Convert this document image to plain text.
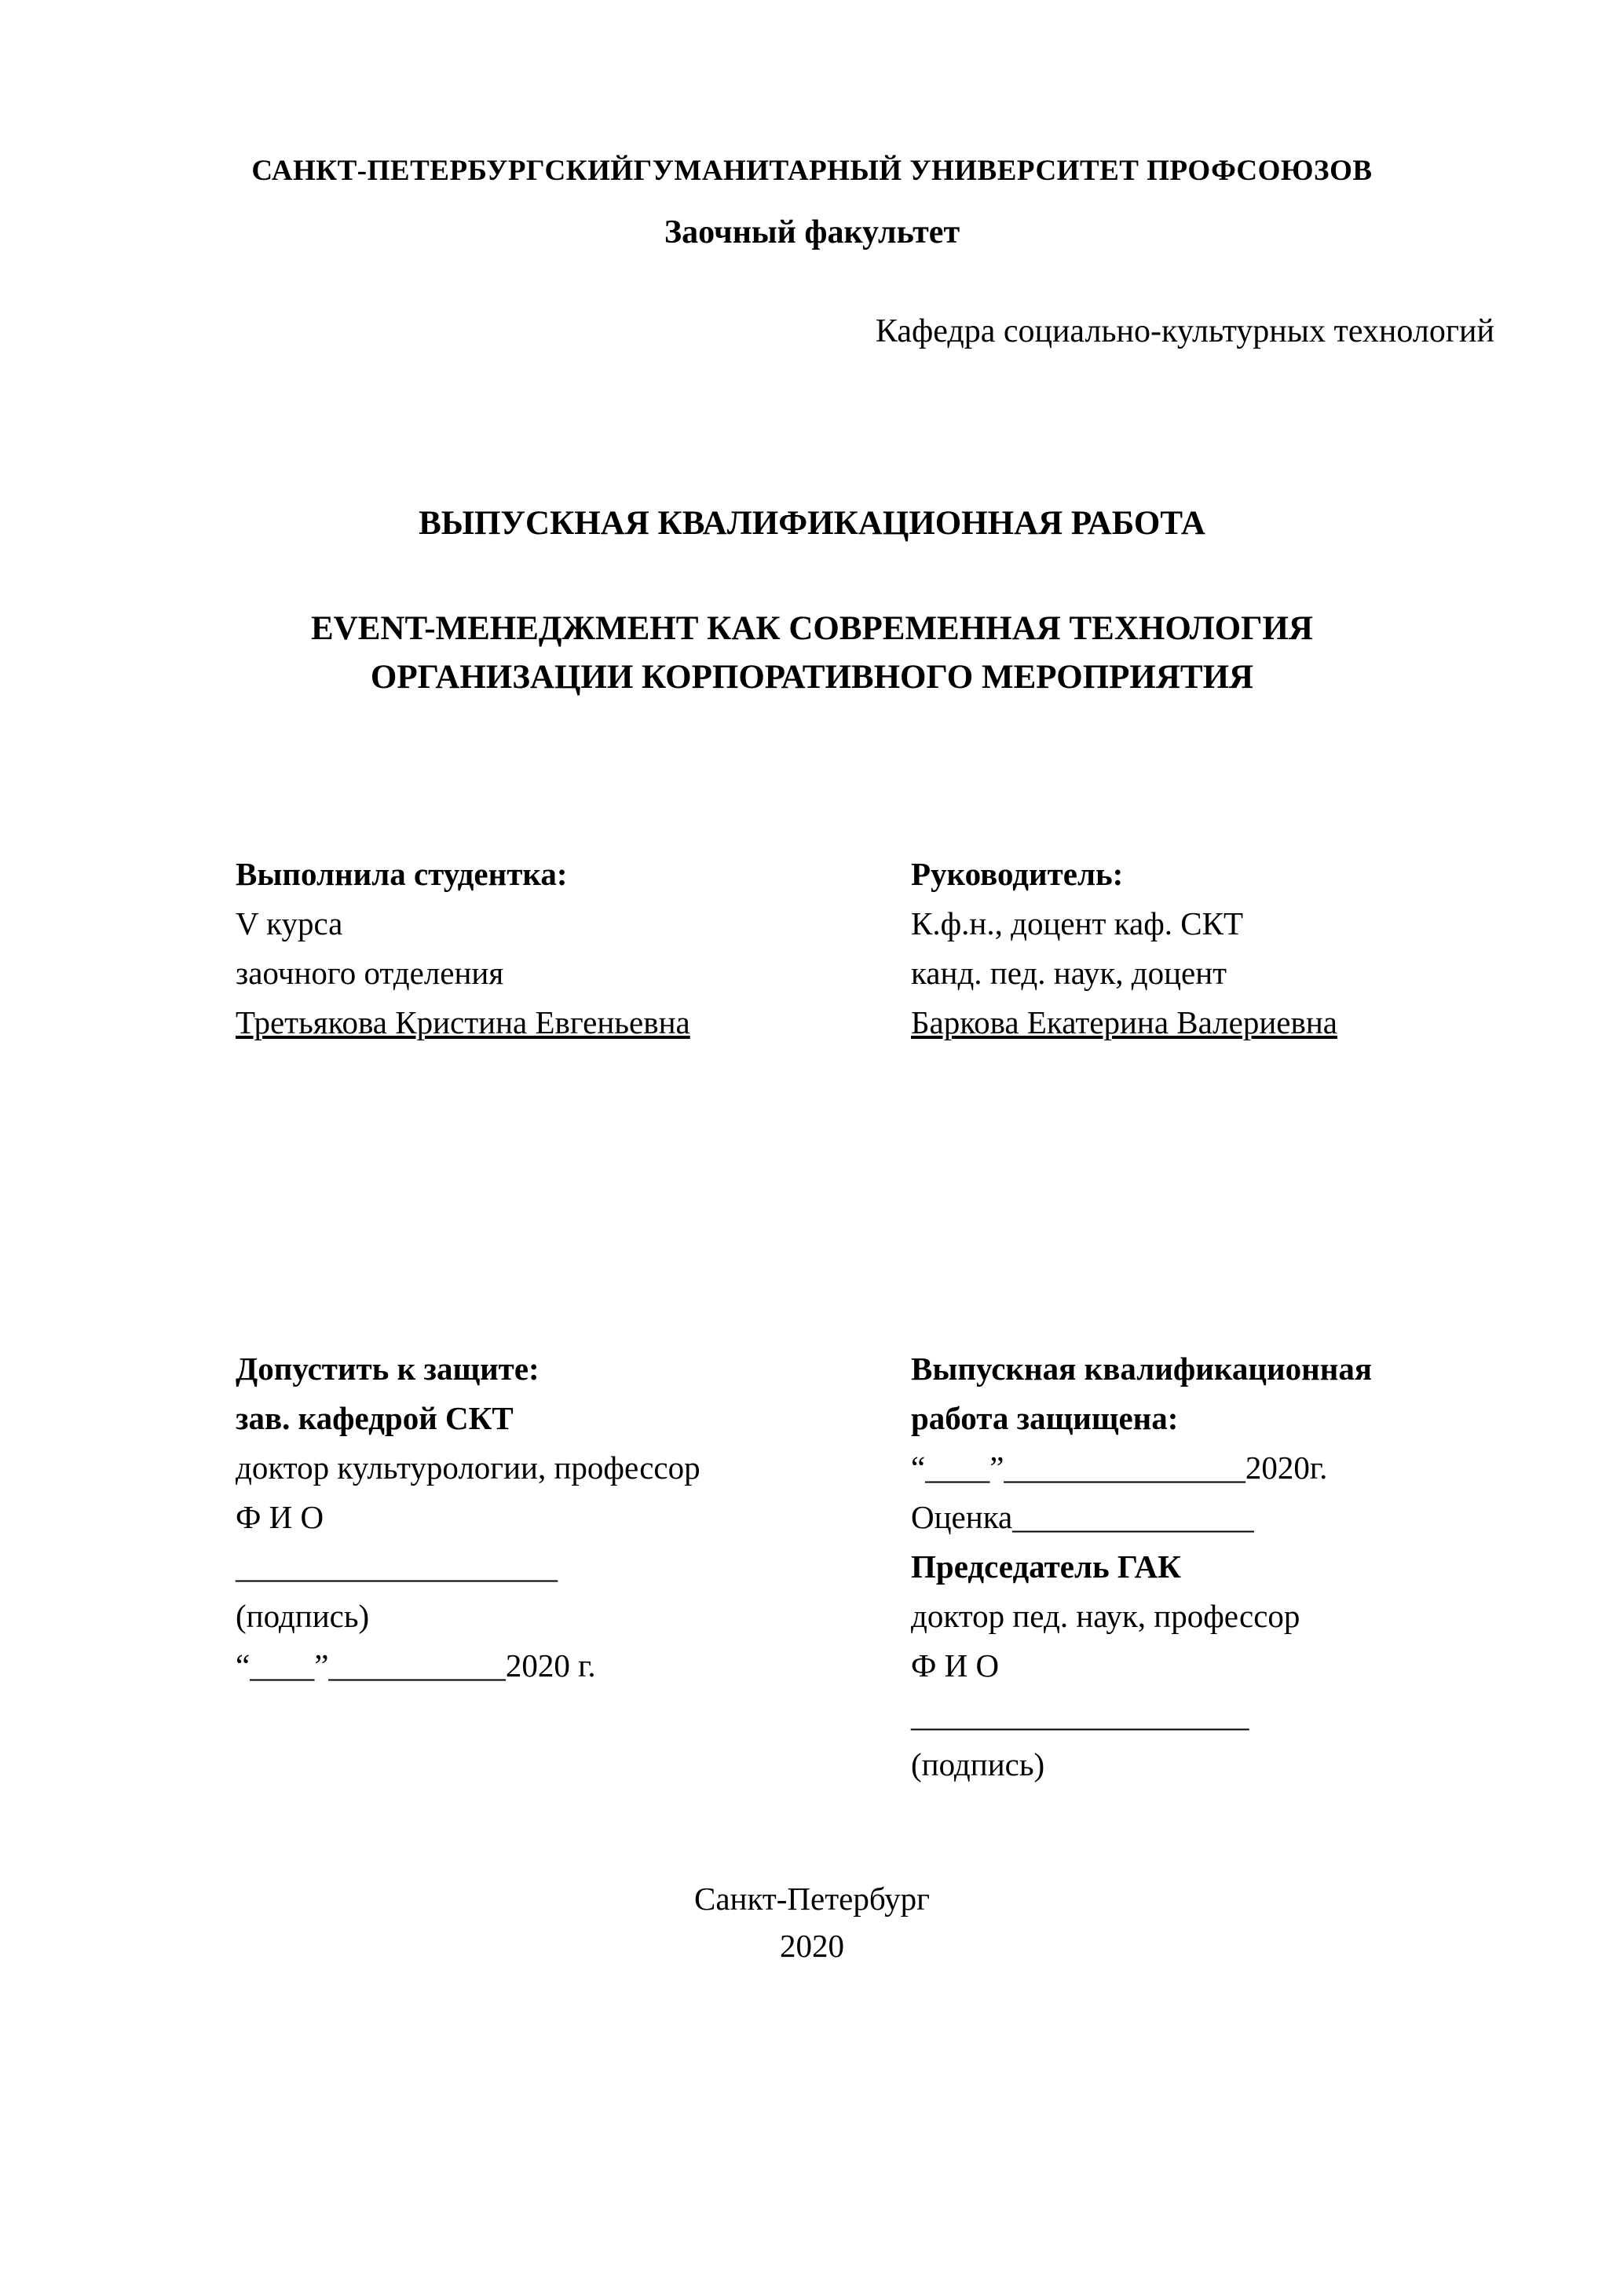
САНКТ-ПЕТЕРБУРГСКИЙГУМАНИТАРНЫЙ УНИВЕРСИТЕТ ПРОФСОЮЗОВ
Заочный факультет
Кафедра социально-культурных технологий
ВЫПУСКНАЯ КВАЛИФИКАЦИОННАЯ РАБОТА
EVENT-МЕНЕДЖМЕНТ КАК СОВРЕМЕННАЯ ТЕХНОЛОГИЯ
ОРГАНИЗАЦИИ КОРПОРАТИВНОГО МЕРОПРИЯТИЯ
Выполнила студентка:
V курса
заочного отделения
Третьякова Кристина Евгеньевна
Руководитель:
К.ф.н., доцент каф. СКТ
канд. пед. наук, доцент
Баркова Екатерина Валериевна
Допустить к защите:
зав. кафедрой СКТ
доктор культурологии, профессор
Ф И О
____________________
(подпись)
“____”___________2020 г.
Выпускная квалификационная
работа защищена:
“____”_______________2020г.
Оценка_______________
Председатель ГАК
доктор пед. наук, профессор
Ф И О
_____________________
(подпись)
Санкт-Петербург
2020
